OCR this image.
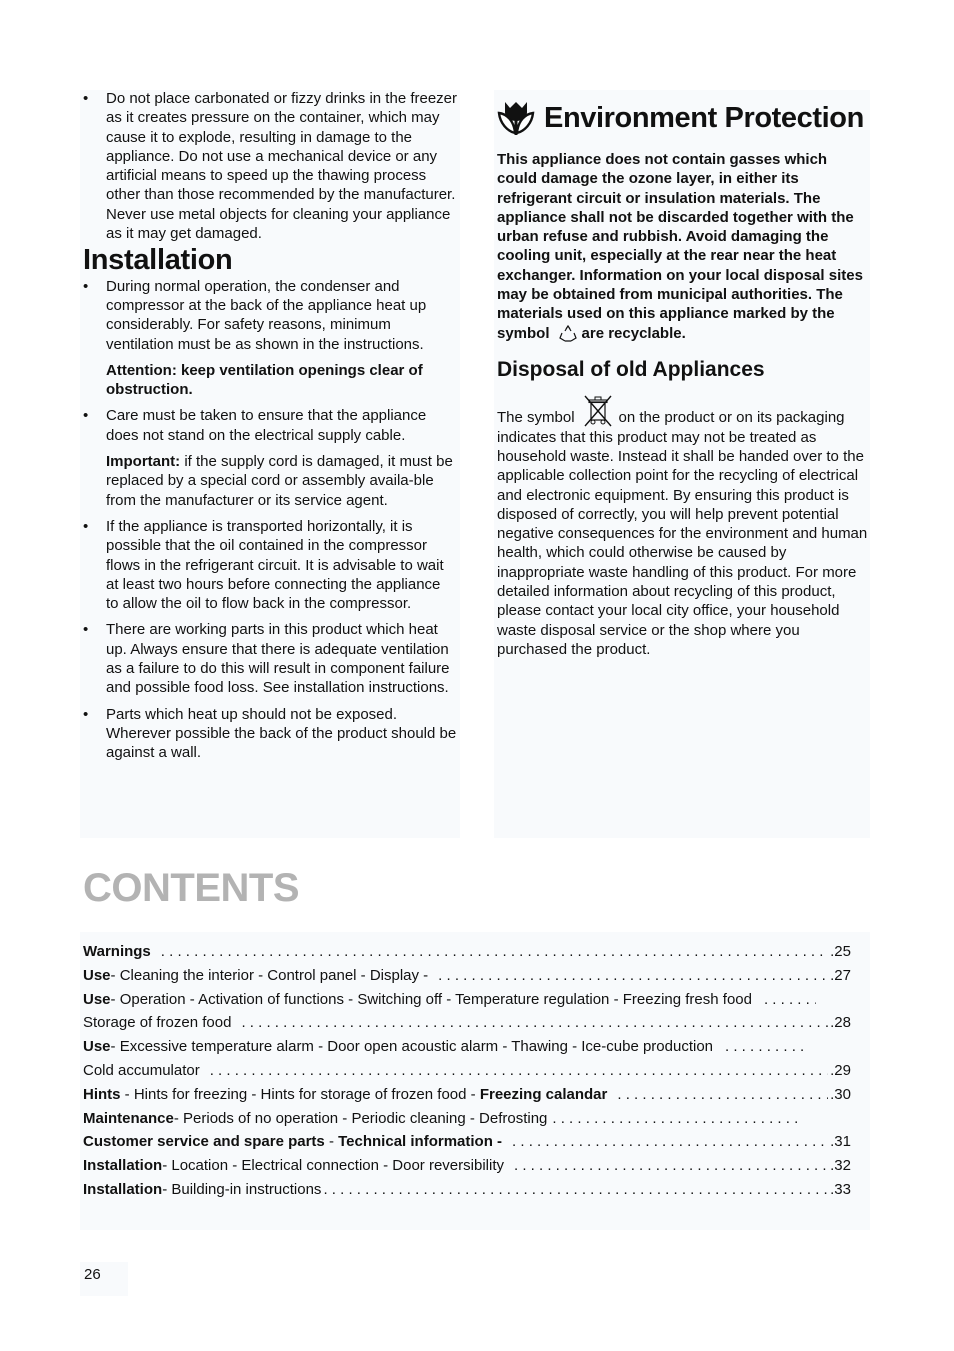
• Do not place carbonated or fizzy drinks in the freezer as it creates pressure on the container, which may cause it to explode, resulting in damage to the appliance. Do not use a mechanical device or any artificial means to speed up the thawing process other than those recommended by the manufacturer. Never use metal objects for cleaning your appliance as it may get damaged.
Installation
• During normal operation, the condenser and compressor at the back of the appliance heat up considerably. For safety reasons, minimum ventilation must be as shown in the instructions.
Attention: keep ventilation openings clear of obstruction.
• Care must be taken to ensure that the appliance does not stand on the electrical supply cable.
Important: if the supply cord is damaged, it must be replaced by a special cord or assembly availa-ble from the manufacturer or its service agent.
• If the appliance is transported horizontally, it is possible that the oil contained in the compressor flows in the refrigerant circuit. It is advisable to wait at least two hours before connecting the appliance to allow the oil to flow back in the compressor.
• There are working parts in this product which heat up. Always ensure that there is adequate ventilation as a failure to do this will result in component failure and possible food loss. See installation instructions.
• Parts which heat up should not be exposed. Wherever possible the back of the product should be against a wall.
Environment Protection
This appliance does not contain gasses which could damage the ozone layer, in either its refrigerant circuit or insulation materials. The appliance shall not be discarded together with the urban refuse and rubbish. Avoid damaging the cooling unit, especially at the rear near the heat exchanger. Information on your local disposal sites may be obtained from municipal authorities. The materials used on this appliance marked by the symbol are recyclable.
Disposal of old Appliances
The symbol	on the product or on its packaging indicates that this product may not be treated as household waste. Instead it shall be handed over to the applicable collection point for the recycling of electrical and electronic equipment. By ensuring this product is disposed of correctly, you will help prevent potential negative consequences for the environment and human health, which could otherwise be caused by inappropriate waste handling of this product. For more detailed information about recycling of this product, please contact your local city office, your household waste disposal service or the shop where you purchased the product.
CONTENTS
Warnings . . .	.25
Use - Cleaning the interior - Control panel - Display - . . .	.27
Use - Operation - Activation of functions - Switching off - Temperature regulation - Freezing fresh food
. . .
Storage of frozen food . . .	.28
Use - Excessive temperature alarm - Door open acoustic alarm - Thawing - Ice-cube production
. . .
Cold accumulator . . .	.29
Hints - Hints for freezing - Hints for storage of frozen food - Freezing calandar . . .	.30
Maintenance - Periods of no operation - Periodic cleaning - Defrosting
. . .
Customer service and spare parts - Technical information - . . .	.31
Installation - Location - Electrical connection - Door reversibility . . .	.32
Installation - Building-in instructions . . .	.33
26
